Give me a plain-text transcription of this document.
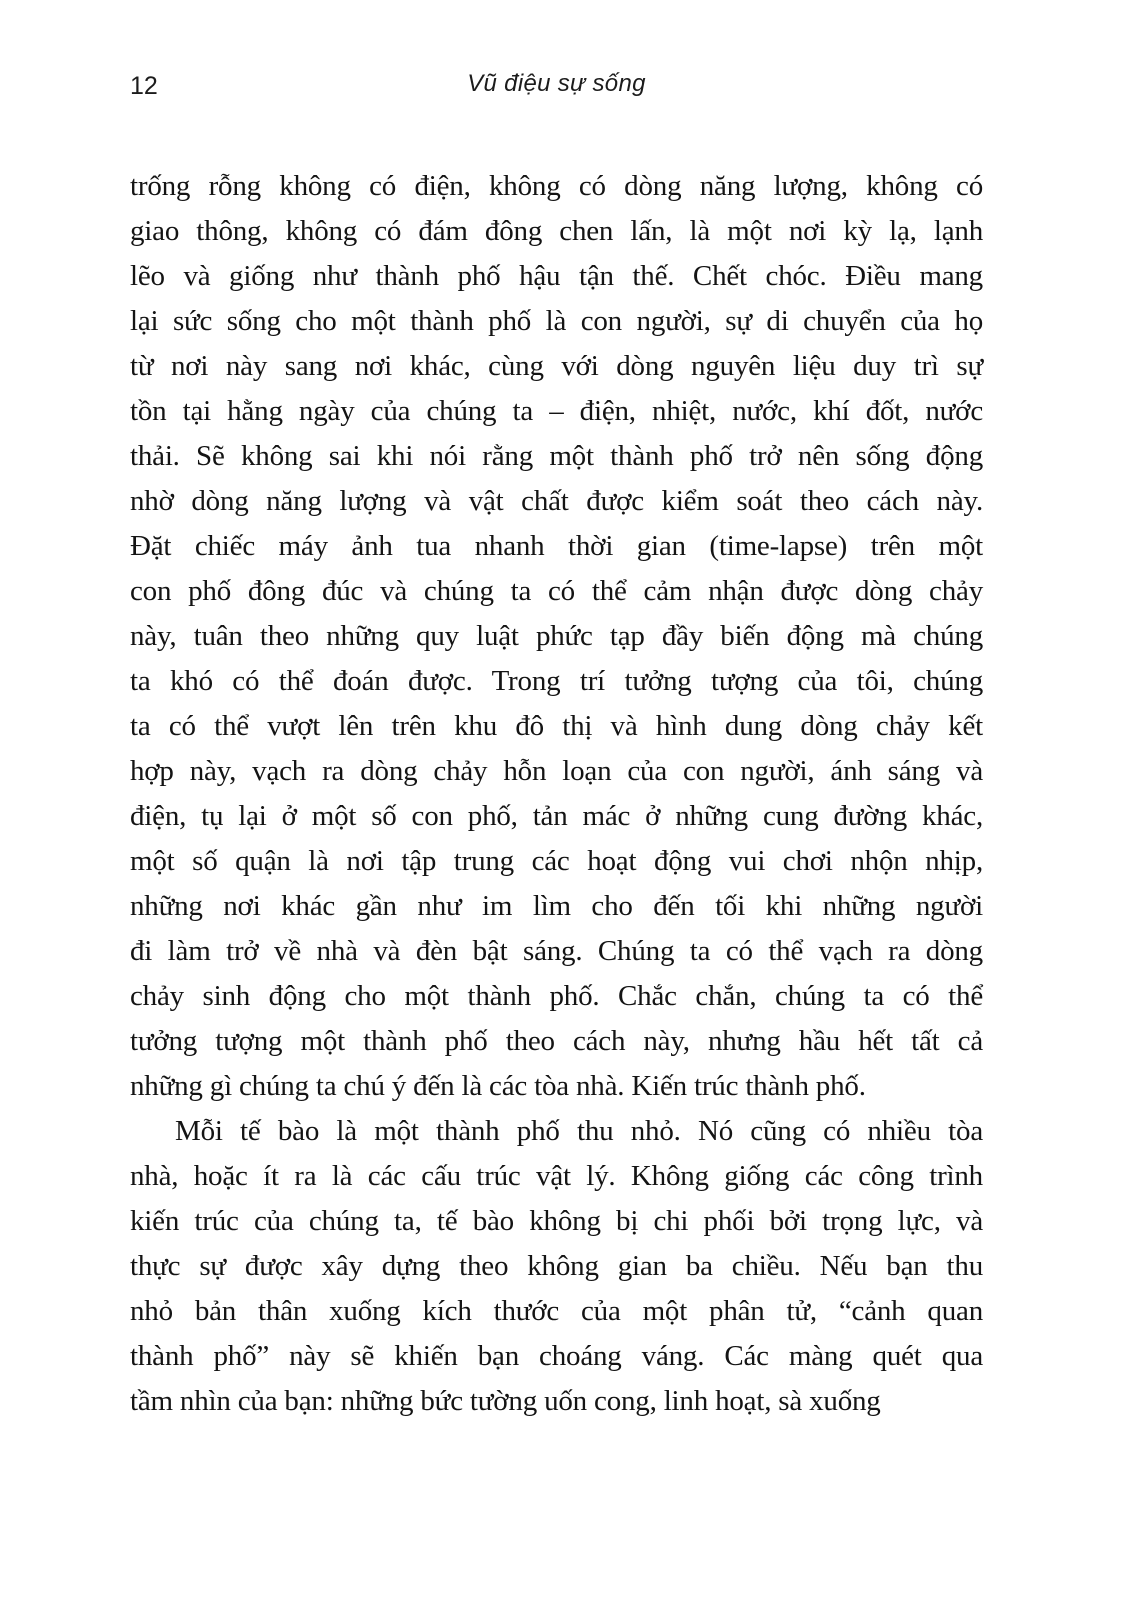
12	Vũ điệu sự sống
trống rỗng không có điện, không có dòng năng lượng, không có
giao thông, không có đám đông chen lấn, là một nơi kỳ lạ, lạnh
lẽo và giống như thành phố hậu tận thế. Chết chóc. Điều mang
lại sức sống cho một thành phố là con người, sự di chuyển của họ
từ nơi này sang nơi khác, cùng với dòng nguyên liệu duy trì sự
tồn tại hằng ngày của chúng ta – điện, nhiệt, nước, khí đốt, nước
thải. Sẽ không sai khi nói rằng một thành phố trở nên sống động
nhờ dòng năng lượng và vật chất được kiểm soát theo cách này.
Đặt chiếc máy ảnh tua nhanh thời gian (time-lapse) trên một
con phố đông đúc và chúng ta có thể cảm nhận được dòng chảy
này, tuân theo những quy luật phức tạp đầy biến động mà chúng
ta khó có thể đoán được. Trong trí tưởng tượng của tôi, chúng
ta có thể vượt lên trên khu đô thị và hình dung dòng chảy kết
hợp này, vạch ra dòng chảy hỗn loạn của con người, ánh sáng và
điện, tụ lại ở một số con phố, tản mác ở những cung đường khác,
một số quận là nơi tập trung các hoạt động vui chơi nhộn nhịp,
những nơi khác gần như im lìm cho đến tối khi những người
đi làm trở về nhà và đèn bật sáng. Chúng ta có thể vạch ra dòng
chảy sinh động cho một thành phố. Chắc chắn, chúng ta có thể
tưởng tượng một thành phố theo cách này, nhưng hầu hết tất cả
những gì chúng ta chú ý đến là các tòa nhà. Kiến trúc thành phố.
Mỗi tế bào là một thành phố thu nhỏ. Nó cũng có nhiều tòa
nhà, hoặc ít ra là các cấu trúc vật lý. Không giống các công trình
kiến trúc của chúng ta, tế bào không bị chi phối bởi trọng lực, và
thực sự được xây dựng theo không gian ba chiều. Nếu bạn thu
nhỏ bản thân xuống kích thước của một phân tử, “cảnh quan
thành phố” này sẽ khiến bạn choáng váng. Các màng quét qua
tầm nhìn của bạn: những bức tường uốn cong, linh hoạt, sà xuống
